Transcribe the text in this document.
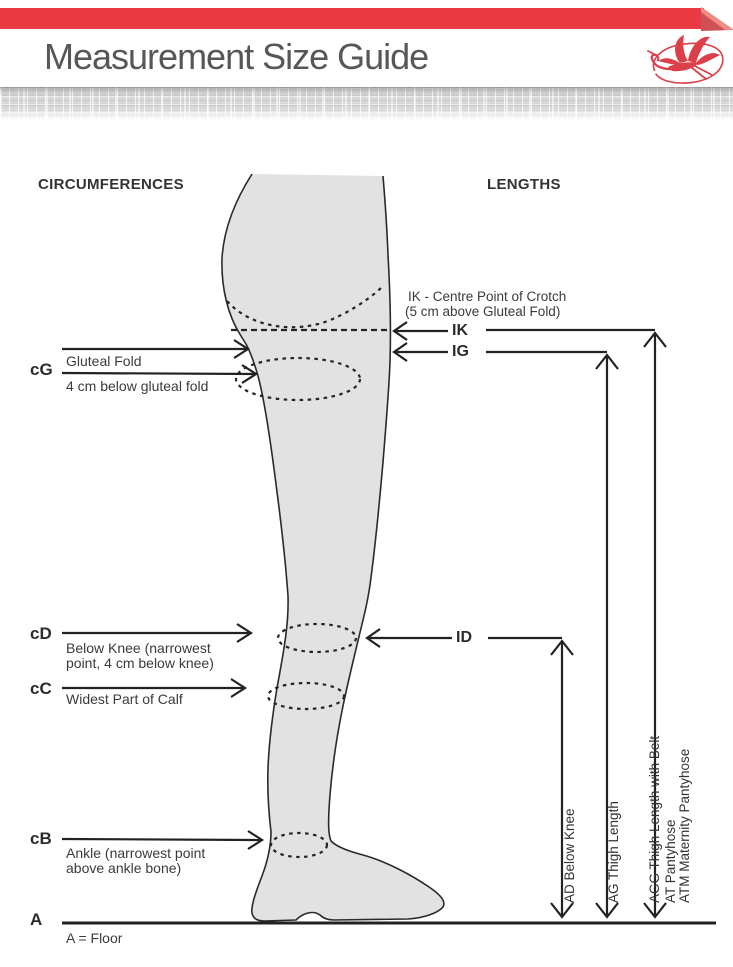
Measurement Size Guide
CIRCUMFERENCES	LENGTHS
IK - Centre Point of Crotch
(5 cm above Gluteal Fold)
IK
IG
ID
cG Gluteal Fold
4 cm below gluteal fold
cD
Below Knee (narrowest
point, 4 cm below knee)
cC
Widest Part of Calf
cB
Ankle (narrowest point
above ankle bone)
A
A = Floor
AD Below Knee AG Thigh Length AGG Thigh Length with Belt AT Pantyhose ATM Maternity Pantyhose
